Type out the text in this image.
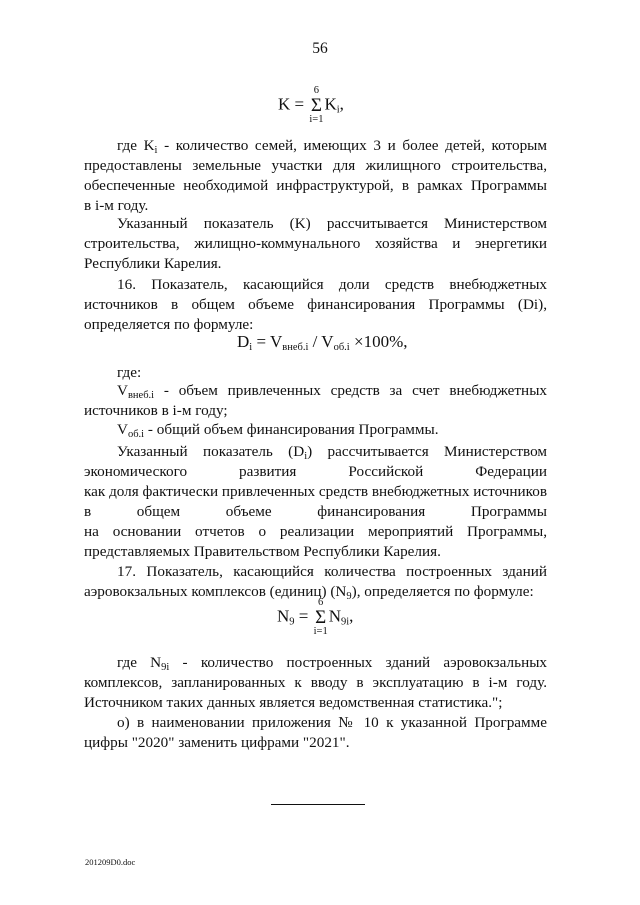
56
K =
6
Σ
i=1
$K_i$,
где $K_i$ - количество семей, имеющих 3 и более детей, которым
предоставлены земельные участки для жилищного строительства,
обеспеченные необходимой инфраструктурой, в рамках Программы
в i-м году.
Указанный показатель (K) рассчитывается Министерством
строительства, жилищно-коммунального хозяйства и энергетики
Республики Карелия.
16. Показатель, касающийся доли средств внебюджетных
источников в общем объеме финансирования Программы (Di),
определяется по формуле:
$D_i = V_{внеб.i} / V_{об.i} \times 100\%$,
где:
$V_{внеб.i}$ - объем привлеченных средств за счет внебюджетных
источников в i-м году;
$V_{об.i}$ - общий объем финансирования Программы.
Указанный показатель $(D_i)$ рассчитывается Министерством
экономического развития Российской Федерации
как доля фактически привлеченных средств внебюджетных источников
в общем объеме финансирования Программы
на основании отчетов о реализации мероприятий Программы,
представляемых Правительством Республики Карелия.
17. Показатель, касающийся количества построенных зданий
аэровокзальных комплексов (единиц) $(N_9)$, определяется по формуле:
$N_9$ =
6
Σ
i=1
$N_{9i}$,
где $N_{9i}$ - количество построенных зданий аэровокзальных
комплексов, запланированных к вводу в эксплуатацию в i-м году.
Источником таких данных является ведомственная статистика.";
о) в наименовании приложения № 10 к указанной Программе
цифры "2020" заменить цифрами "2021".
201209D0.doc
